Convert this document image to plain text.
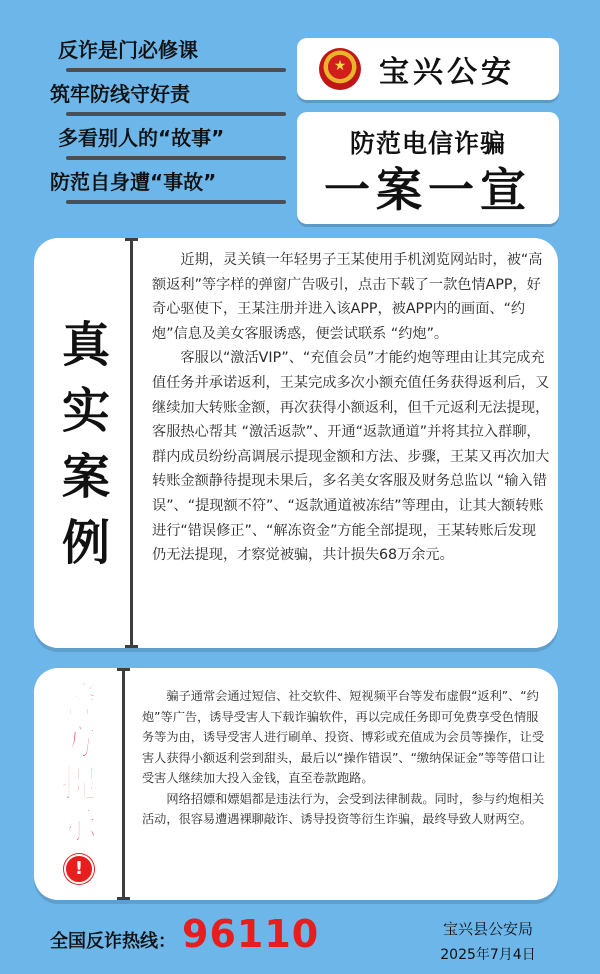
反诈是门必修课
筑牢防线守好责
多看别人的“故事”
防范自身遭“事故”
★	宝兴公安
防范电信诈骗
一案一宣
真
实
案
例

近期，灵关镇一年轻男子王某使用手机浏览网站时，被“高额返利”等字样的弹窗广告吸引，点击下载了一款色情APP，好奇心驱使下，王某注册并进入该APP，被APP内的画面、“约炮”信息及美女客服诱惑，便尝试联系 “约炮”。

客服以“激活VIP”、“充值会员”才能约炮等理由让其完成充值任务并承诺返利，王某完成多次小额充值任务获得返利后，又继续加大转账金额，再次获得小额返利，但千元返利无法提现，客服热心帮其 “激活返款”、开通“返款通道”并将其拉入群聊，群内成员纷纷高调展示提现金额和方法、步骤，王某又再次加大转账金额静待提现未果后，多名美女客服及财务总监以 “输入错误”、“提现额不符”、“返款通道被冻结”等理由，让其大额转账进行“错误修正”、“解冻资金”方能全部提现，王某转账后发现仍无法提现，才察觉被骗，共计损失68万余元。

警
方
提
示
!

骗子通常会通过短信、社交软件、短视频平台等发布虚假“返利”、“约炮”等广告，诱导受害人下载诈骗软件，再以完成任务即可免费享受色情服务等为由，诱导受害人进行刷单、投资、博彩或充值成为会员等操作，让受害人获得小额返利尝到甜头，最后以“操作错误”、“缴纳保证金”等等借口让受害人继续加大投入金钱，直至卷款跑路。

网络招嫖和嫖娼都是违法行为，会受到法律制裁。同时，参与约炮相关活动，很容易遭遇裸聊敲诈、诱导投资等衍生诈骗，最终导致人财两空。

全国反诈热线： 96110	宝兴县公安局
2025年7月4日
